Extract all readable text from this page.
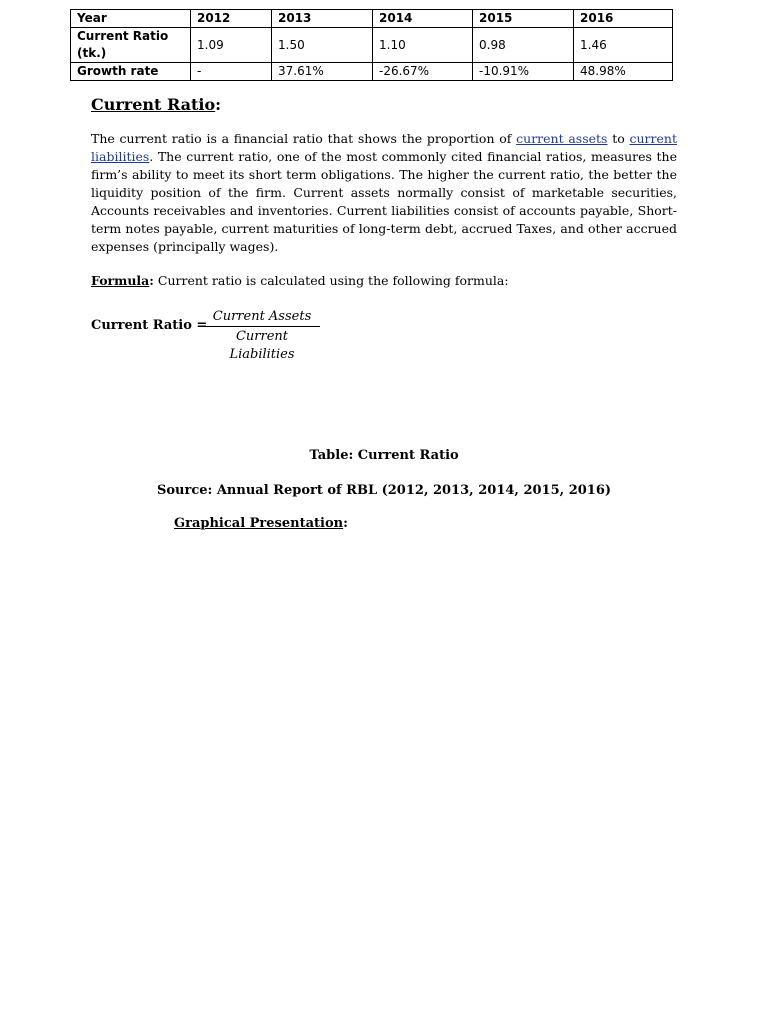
Year	2012	2013	2014	2015	2016
Current Ratio (tk.)	1.09	1.50	1.10	0.98	1.46
Growth rate	-	37.61%	-26.67%	-10.91%	48.98%
Current Ratio:

The current ratio is a financial ratio that shows the proportion of current assets to current liabilities. The current ratio, one of the most commonly cited financial ratios, measures the firm’s ability to meet its short term obligations. The higher the current ratio, the better the liquidity position of the firm. Current assets normally consist of marketable securities, Accounts receivables and inventories. Current liabilities consist of accounts payable, Short-term notes payable, current maturities of long-term debt, accrued Taxes, and other accrued expenses (principally wages).

Formula: Current ratio is calculated using the following formula:

Current Ratio =
Current Assets
Current Liabilities

Table: Current Ratio

Source: Annual Report of RBL (2012, 2013, 2014, 2015, 2016)

Graphical Presentation:
